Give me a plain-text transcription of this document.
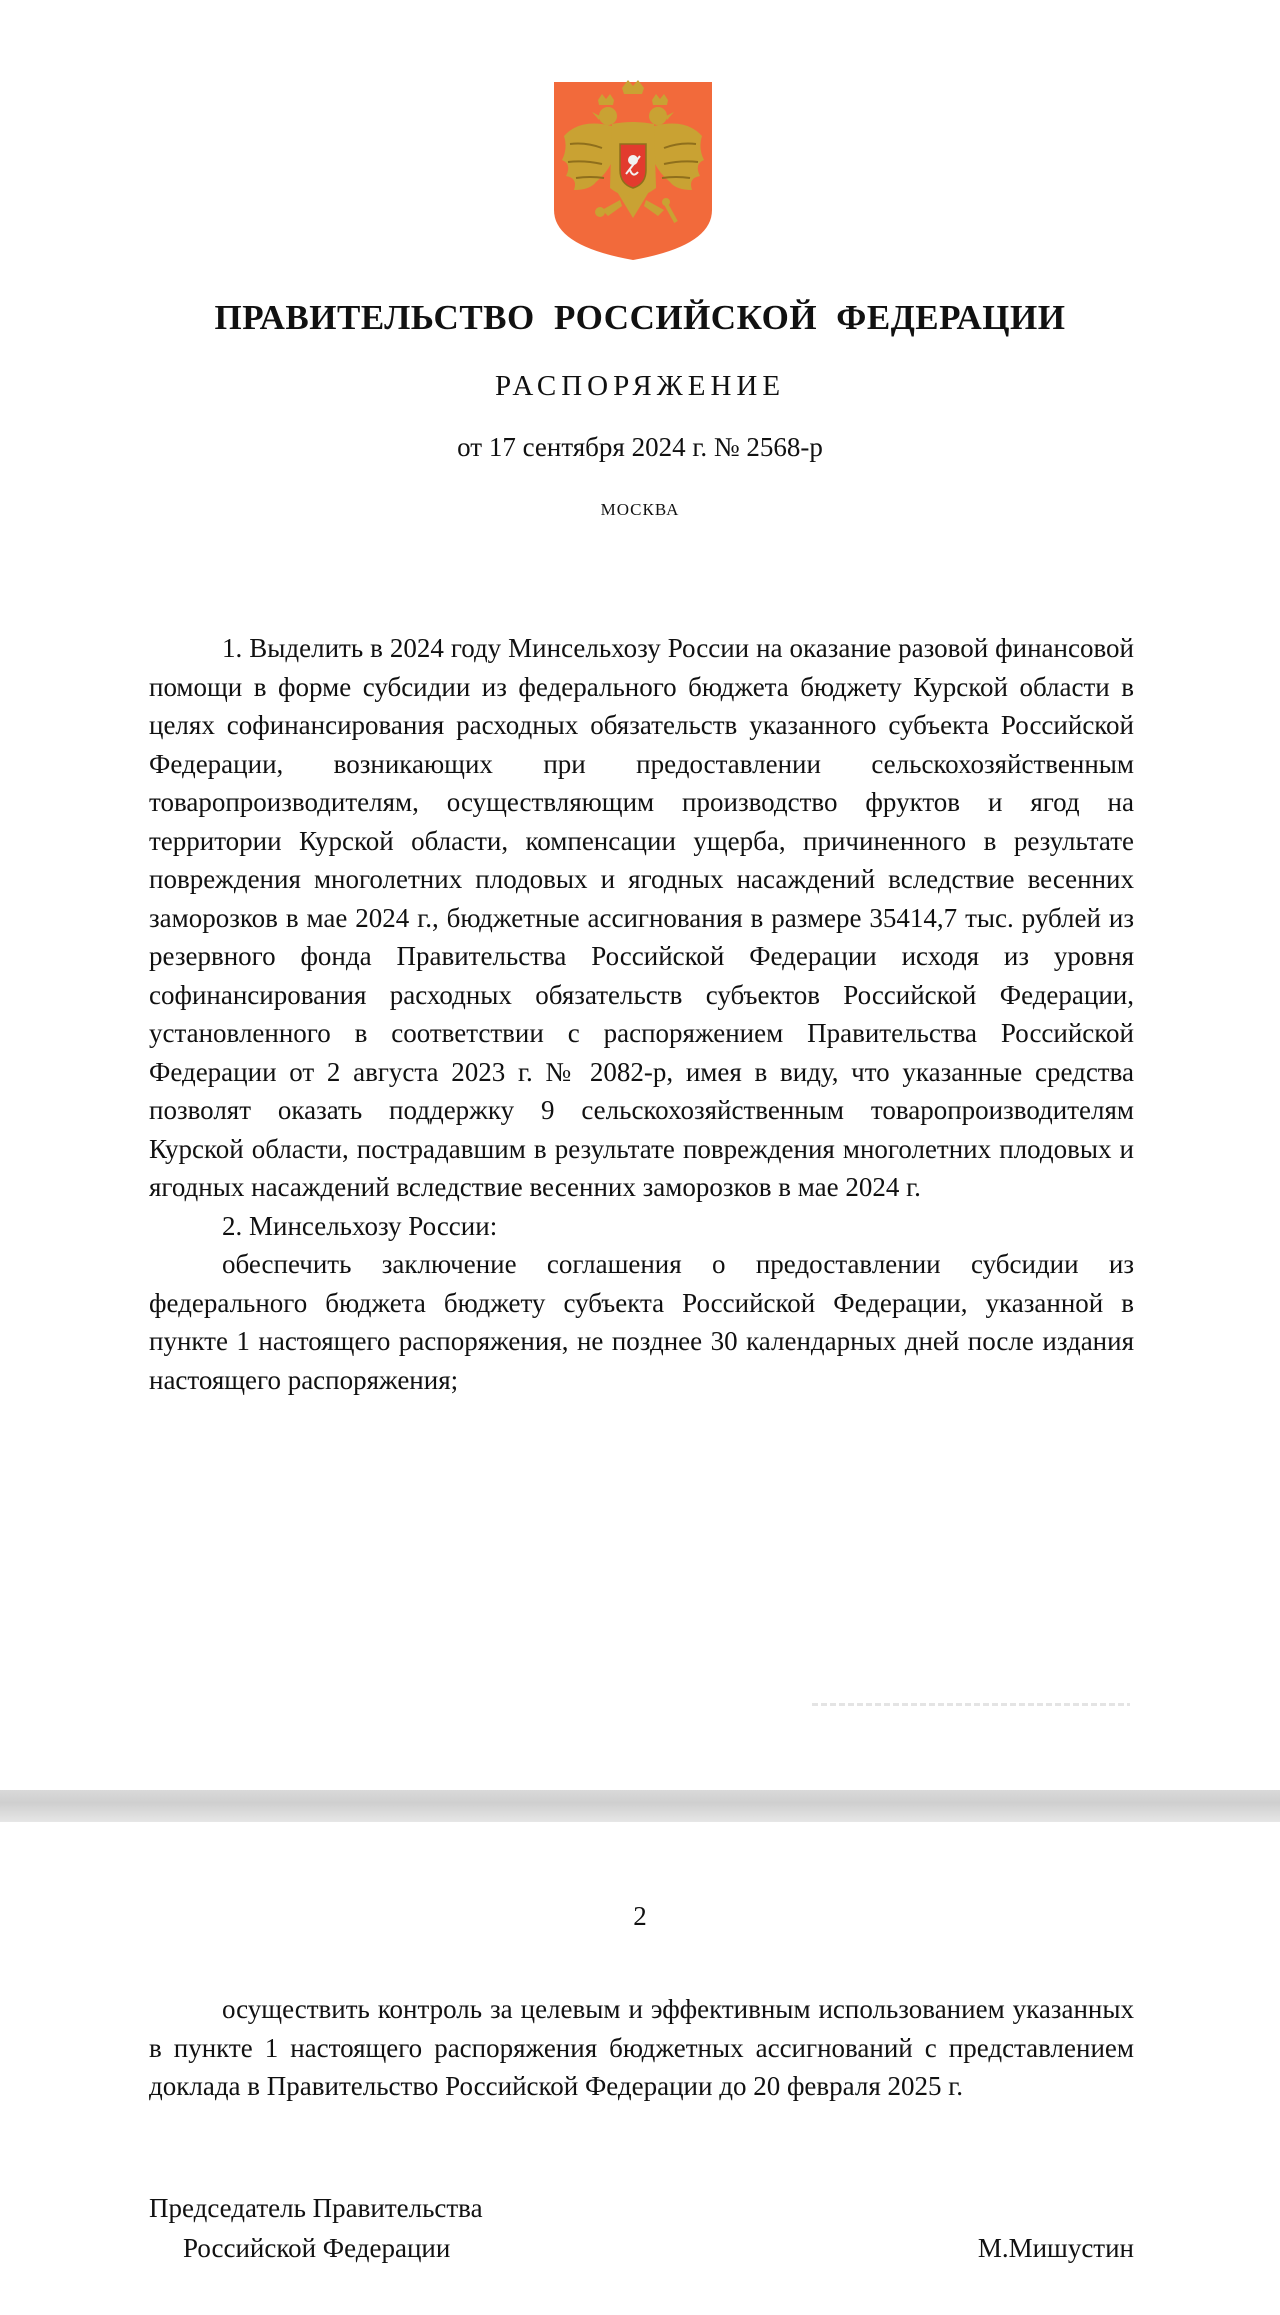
ПРАВИТЕЛЬСТВО РОССИЙСКОЙ ФЕДЕРАЦИИ
РАСПОРЯЖЕНИЕ
от 17 сентября 2024 г. № 2568-р
МОСКВА

1. Выделить в 2024 году Минсельхозу России на оказание разовой финансовой помощи в форме субсидии из федерального бюджета бюджету Курской области в целях софинансирования расходных обязательств указанного субъекта Российской Федерации, возникающих при предоставлении сельскохозяйственным товаропроизводителям, осуществляющим производство фруктов и ягод на территории Курской области, компенсации ущерба, причиненного в результате повреждения многолетних плодовых и ягодных насаждений вследствие весенних заморозков в мае 2024 г., бюджетные ассигнования в размере 35414,7 тыс. рублей из резервного фонда Правительства Российской Федерации исходя из уровня софинансирования расходных обязательств субъектов Российской Федерации, установленного в соответствии с распоряжением Правительства Российской Федерации от 2 августа 2023 г. № 2082-р, имея в виду, что указанные средства позволят оказать поддержку 9 сельскохозяйственным товаропроизводителям Курской области, пострадавшим в результате повреждения многолетних плодовых и ягодных насаждений вследствие весенних заморозков в мае 2024 г.

2. Минсельхозу России:

обеспечить заключение соглашения о предоставлении субсидии из федерального бюджета бюджету субъекта Российской Федерации, указанной в пункте 1 настоящего распоряжения, не позднее 30 календарных дней после издания настоящего распоряжения;

2

осуществить контроль за целевым и эффективным использованием указанных в пункте 1 настоящего распоряжения бюджетных ассигнований с представлением доклада в Правительство Российской Федерации до 20 февраля 2025 г.

Председатель Правительства
Российской Федерации	М.Мишустин
